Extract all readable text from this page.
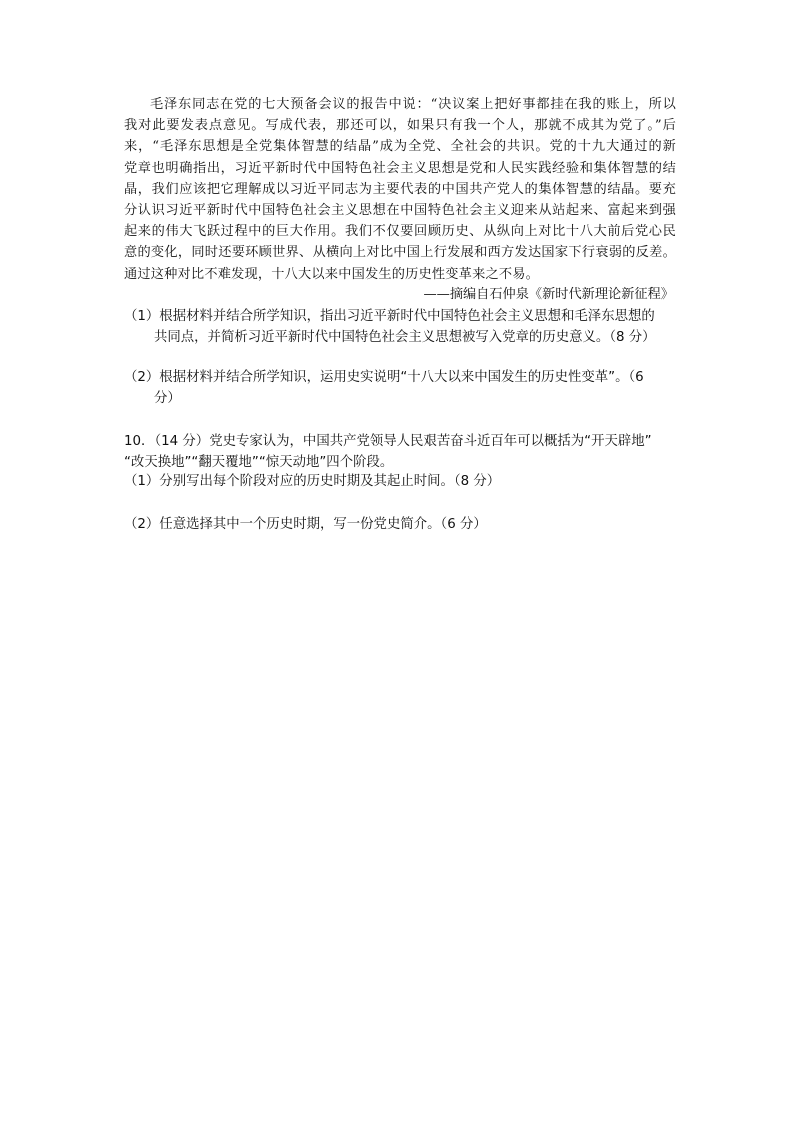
毛泽东同志在党的七大预备会议的报告中说：“决议案上把好事都挂在我的账上，所以
我对此要发表点意见。写成代表，那还可以，如果只有我一个人，那就不成其为党了。”后
来，“毛泽东思想是全党集体智慧的结晶”成为全党、全社会的共识。党的十九大通过的新
党章也明确指出，习近平新时代中国特色社会主义思想是党和人民实践经验和集体智慧的结
晶，我们应该把它理解成以习近平同志为主要代表的中国共产党人的集体智慧的结晶。要充
分认识习近平新时代中国特色社会主义思想在中国特色社会主义迎来从站起来、富起来到强
起来的伟大飞跃过程中的巨大作用。我们不仅要回顾历史、从纵向上对比十八大前后党心民
意的变化，同时还要环顾世界、从横向上对比中国上行发展和西方发达国家下行衰弱的反差。
通过这种对比不难发现，十八大以来中国发生的历史性变革来之不易。
——摘编自石仲泉《新时代新理论新征程》
（1）根据材料并结合所学知识，指出习近平新时代中国特色社会主义思想和毛泽东思想的
共同点，并简析习近平新时代中国特色社会主义思想被写入党章的历史意义。（8 分）
（2）根据材料并结合所学知识，运用史实说明“十八大以来中国发生的历史性变革”。（6
分）
10．（14 分）党史专家认为，中国共产党领导人民艰苦奋斗近百年可以概括为“开天辟地”
“改天换地”“翻天覆地”“惊天动地”四个阶段。
（1）分别写出每个阶段对应的历史时期及其起止时间。（8 分）
（2）任意选择其中一个历史时期，写一份党史简介。（6 分）
